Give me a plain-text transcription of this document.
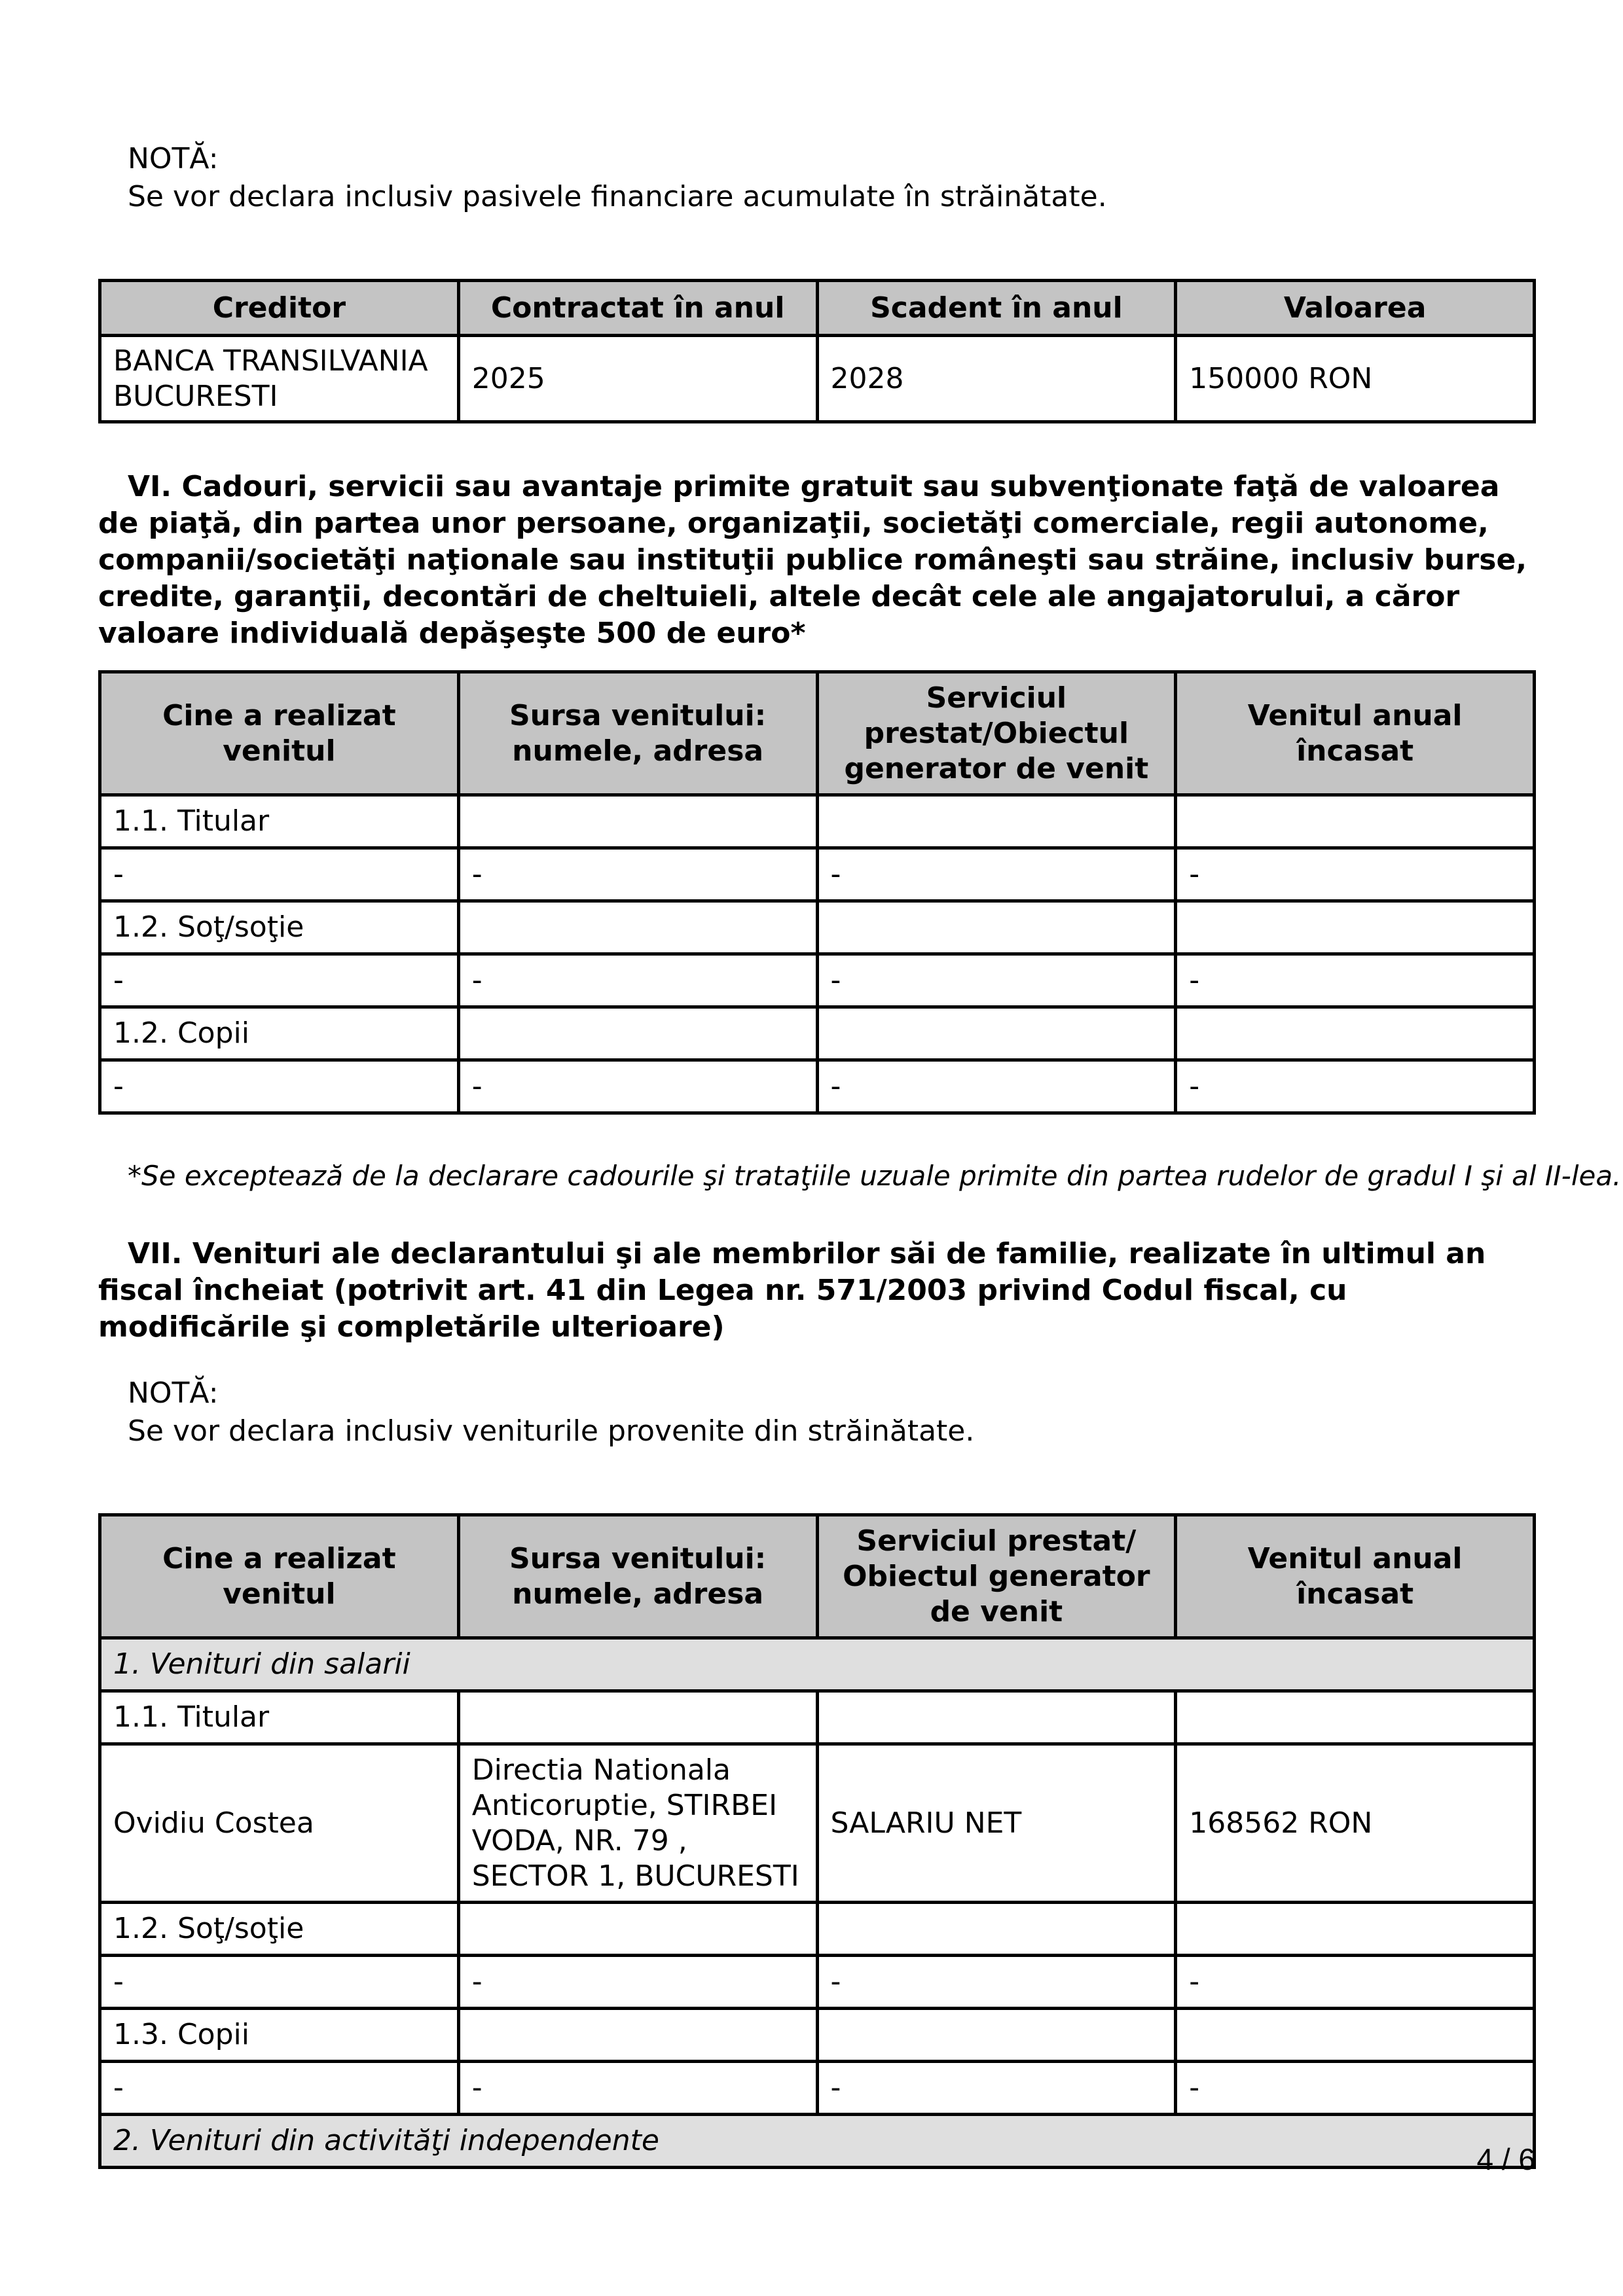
NOTĂ:
Se vor declara inclusiv pasivele financiare acumulate în străinătate.
Creditor	Contractat în anul	Scadent în anul	Valoarea
BANCA TRANSILVANIA BUCURESTI	2025	2028	150000 RON
VI. Cadouri, servicii sau avantaje primite gratuit sau subvenţionate faţă de valoarea de piaţă, din partea unor persoane, organizaţii, societăţi comerciale, regii autonome, companii/societăţi naţionale sau instituţii publice româneşti sau străine, inclusiv burse, credite, garanţii, decontări de cheltuieli, altele decât cele ale angajatorului, a căror valoare individuală depăşeşte 500 de euro*
Cine a realizat venitul	Sursa venitului: numele, adresa	Serviciul prestat/Obiectul generator de venit	Venitul anual încasat
1.1. Titular			
-	-	-	-
1.2. Soţ/soţie			
-	-	-	-
1.2. Copii			
-	-	-	-
*Se exceptează de la declarare cadourile şi trataţiile uzuale primite din partea rudelor de gradul I şi al II-lea.
VII. Venituri ale declarantului şi ale membrilor săi de familie, realizate în ultimul an fiscal încheiat (potrivit art. 41 din Legea nr. 571/2003 privind Codul fiscal, cu modificările şi completările ulterioare)
NOTĂ:
Se vor declara inclusiv veniturile provenite din străinătate.
Cine a realizat venitul	Sursa venitului: numele, adresa	Serviciul prestat/ Obiectul generator de venit	Venitul anual încasat
1. Venituri din salarii			
1.1. Titular			
Ovidiu Costea	Directia Nationala Anticoruptie, STIRBEI VODA, NR. 79 , SECTOR 1, BUCURESTI	SALARIU NET	168562 RON
1.2. Soţ/soţie			
-	-	-	-
1.3. Copii			
-	-	-	-
2. Venituri din activităţi independente			
4 / 6
